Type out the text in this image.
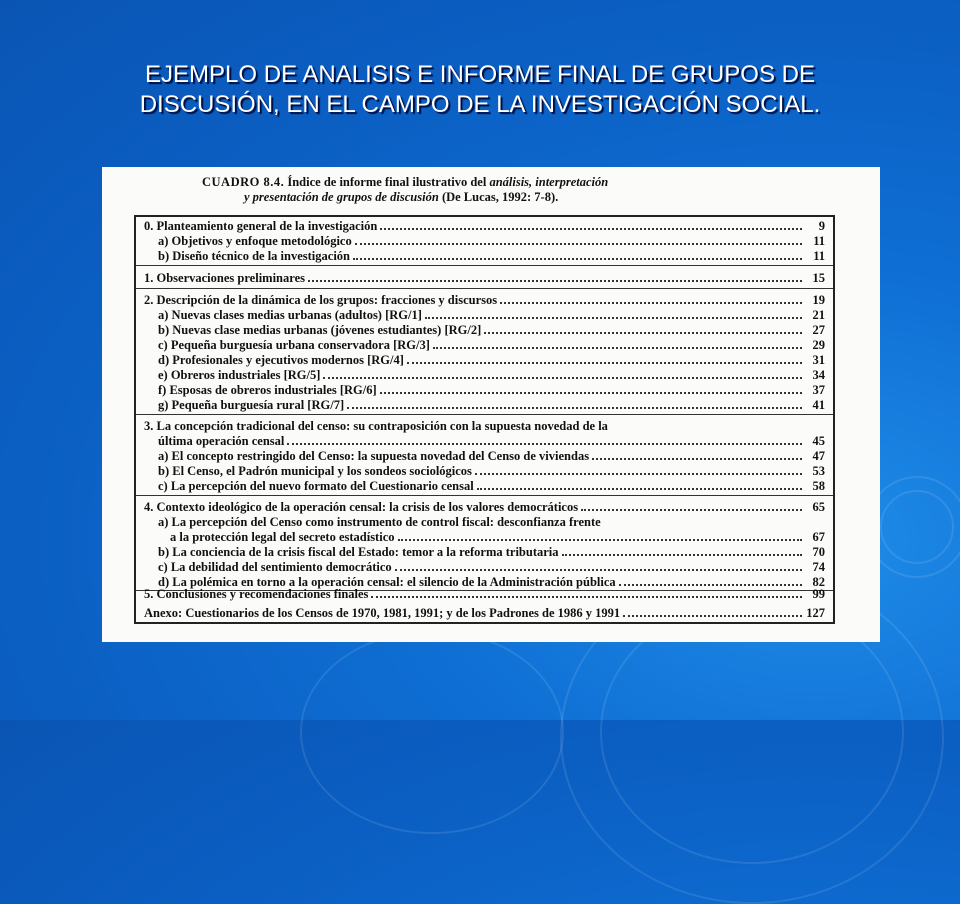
EJEMPLO DE ANALISIS E INFORME FINAL DE GRUPOS DE
DISCUSIÓN, EN EL CAMPO DE LA INVESTIGACIÓN SOCIAL.
CUADRO 8.4. Índice de informe final ilustrativo del análisis, interpretación
y presentación de grupos de discusión (De Lucas, 1992: 7-8).
0. Planteamiento general de la investigación	9
a) Objetivos y enfoque metodológico	11
b) Diseño técnico de la investigación	11
1. Observaciones preliminares	15
2. Descripción de la dinámica de los grupos: fracciones y discursos	19
a) Nuevas clases medias urbanas (adultos) [RG/1]	21
b) Nuevas clase medias urbanas (jóvenes estudiantes) [RG/2]	27
c) Pequeña burguesía urbana conservadora [RG/3]	29
d) Profesionales y ejecutivos modernos [RG/4]	31
e) Obreros industriales [RG/5]	34
f) Esposas de obreros industriales [RG/6]	37
g) Pequeña burguesía rural [RG/7]	41
3. La concepción tradicional del censo: su contraposición con la supuesta novedad de la
última operación censal	45
a) El concepto restringido del Censo: la supuesta novedad del Censo de viviendas	47
b) El Censo, el Padrón municipal y los sondeos sociológicos	53
c) La percepción del nuevo formato del Cuestionario censal	58
4. Contexto ideológico de la operación censal: la crisis de los valores democráticos	65
a) La percepción del Censo como instrumento de control fiscal: desconfianza frente
a la protección legal del secreto estadístico	67
b) La conciencia de la crisis fiscal del Estado: temor a la reforma tributaria	70
c) La debilidad del sentimiento democrático	74
d) La polémica en torno a la operación censal: el silencio de la Administración pública	82
5. Conclusiones y recomendaciones finales	99
Anexo: Cuestionarios de los Censos de 1970, 1981, 1991; y de los Padrones de 1986 y 1991	127
